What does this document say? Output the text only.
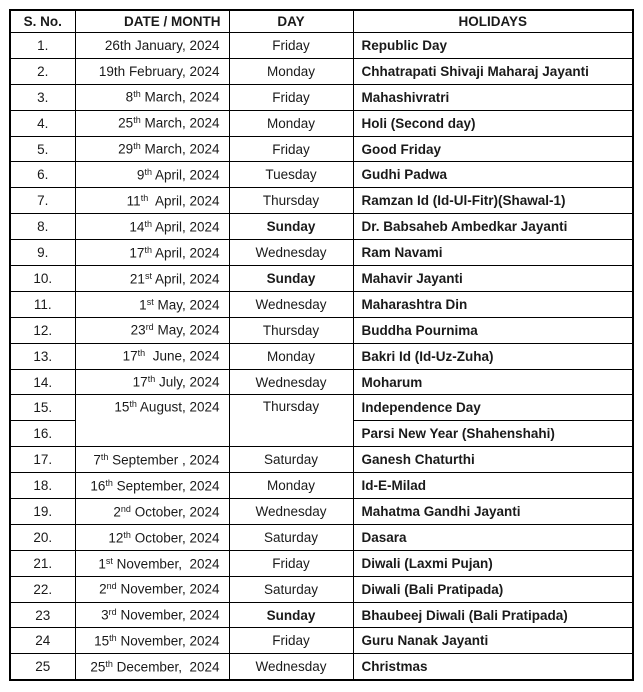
S. No.	DATE / MONTH	DAY	HOLIDAYS
1.	26th January, 2024	Friday	Republic Day
2.	19th February, 2024	Monday	Chhatrapati Shivaji Maharaj Jayanti
3.	8th March, 2024	Friday	Mahashivratri
4.	25th March, 2024	Monday	Holi (Second day)
5.	29th March, 2024	Friday	Good Friday
6.	9th April, 2024	Tuesday	Gudhi Padwa
7.	11th  April, 2024	Thursday	Ramzan Id (Id-Ul-Fitr)(Shawal-1)
8.	14th April, 2024	Sunday	Dr. Babsaheb Ambedkar Jayanti
9.	17th April, 2024	Wednesday	Ram Navami
10.	21st April, 2024	Sunday	Mahavir Jayanti
11.	1st May, 2024	Wednesday	Maharashtra Din
12.	23rd May, 2024	Thursday	Buddha Pournima
13.	17th  June, 2024	Monday	Bakri Id (Id-Uz-Zuha)
14.	17th July, 2024	Wednesday	Moharum
15.	15th August, 2024	Thursday	Independence Day
16.			Parsi New Year (Shahenshahi)
17.	7th September , 2024	Saturday	Ganesh Chaturthi
18.	16th September, 2024	Monday	Id-E-Milad
19.	2nd October, 2024	Wednesday	Mahatma Gandhi Jayanti
20.	12th October, 2024	Saturday	Dasara
21.	1st November,  2024	Friday	Diwali (Laxmi Pujan)
22.	2nd November, 2024	Saturday	Diwali (Bali Pratipada)
23	3rd November, 2024	Sunday	Bhaubeej Diwali (Bali Pratipada)
24	15th November, 2024	Friday	Guru Nanak Jayanti
25	25th December,  2024	Wednesday	Christmas
